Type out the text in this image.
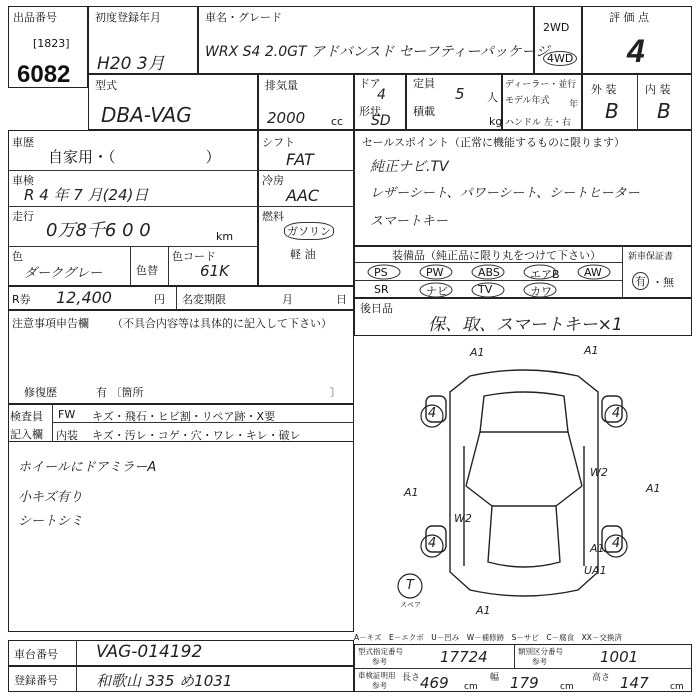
出品番号
[1823]
6082
初度登録年月
H20 3月
車名・グレード
WRX S4 2.0GT アドバンスド セーフティーパッケージ
2WD
4WD
評 価 点
4
型式
DBA-VAG
排気量
2000 cc
ドア
4
形状
SD
定員
5 人
積載
kg
ディーラー・並行
モデル年式 年
ハンドル 左・右
外 装	内 装
B B
車歴
自家用・（　　　　　　）
車検
R 4 年 7 月(24)日
走行
0万8千6 0 0	km
色
ダークグレー	色替
色コード
61K
シフト
FAT
冷房
AAC
燃料
ガソリン
軽 油
セールスポイント（正常に機能するものに限ります）
純正ナビ.TV
レザーシート、パワーシート、シートヒーター
スマートキー
装備品（純正品に限り丸をつけて下さい）	新車保証書
有 ・無
PS	PW	ABS	エアB AW
SR	ナビ	TV	カワ
R券 12,400	円 名変期限	月	日
後日品
保、取、スマートキー×1
注意事項申告欄 （不具合内容等は具体的に記入して下さい）
修復歴	有 〔箇所	〕
検査員
記入欄
FW キズ・飛石・ヒビ割・リペア跡・X要
内装 キズ・汚レ・コゲ・穴・ワレ・キレ・破レ
ホイールにドアミラーA
小キズ有り
シートシミ
4	4
4	4
A1	A1
A1	A1
W2
W2
A1
UA1
A1
T
スペア
A－キズ　E－エクボ　U－凹み　W－補修跡　S－サビ　C－腐食　XX－交換済
車台番号 VAG-014192
登録番号	和歌山 335 め1031
型式指定番号
参考	17724	類別区分番号
参考	1001
車検証明用
参考
長さ 469 cm
幅 179 cm
高さ 147 cm
